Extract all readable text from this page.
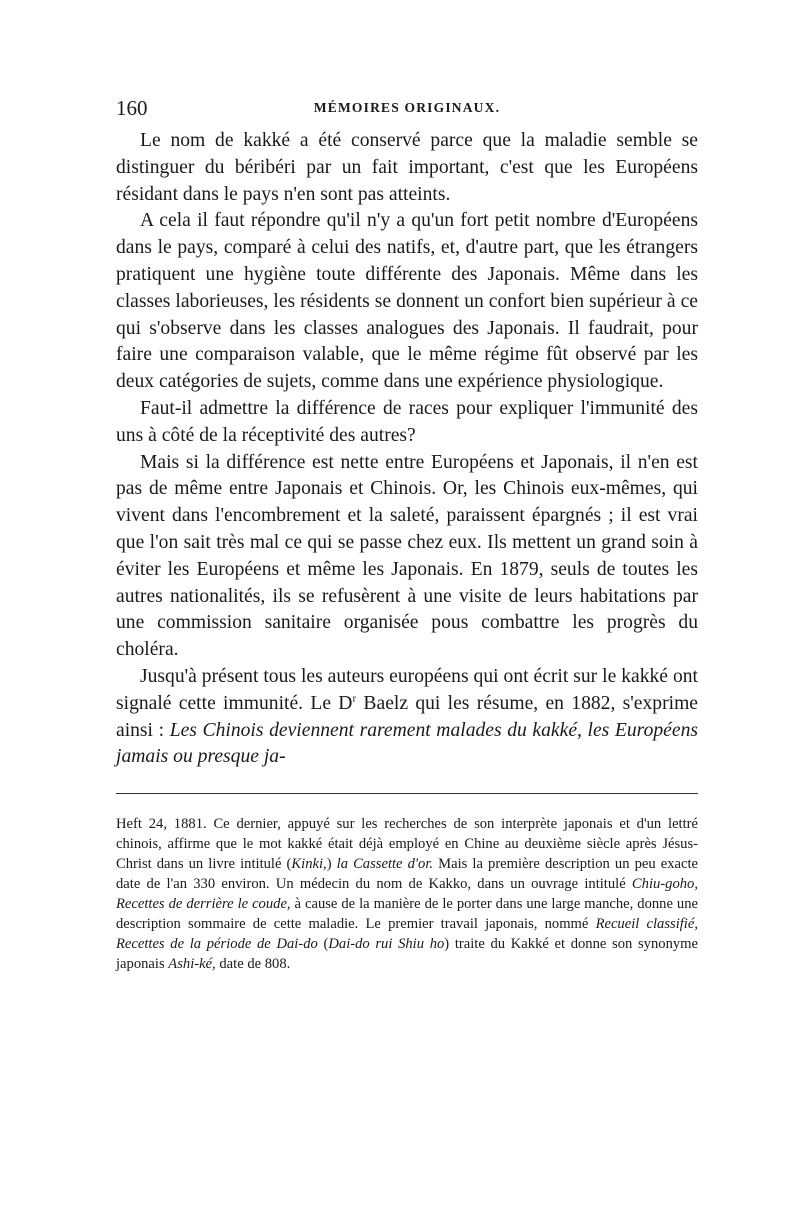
160	MÉMOIRES ORIGINAUX.

Le nom de kakké a été conservé parce que la maladie semble se distinguer du béribéri par un fait important, c'est que les Européens résidant dans le pays n'en sont pas atteints.

A cela il faut répondre qu'il n'y a qu'un fort petit nombre d'Européens dans le pays, comparé à celui des natifs, et, d'autre part, que les étrangers pratiquent une hygiène toute différente des Japonais. Même dans les classes laborieuses, les résidents se donnent un confort bien supérieur à ce qui s'observe dans les classes analogues des Japonais. Il faudrait, pour faire une comparaison valable, que le même régime fût observé par les deux catégories de sujets, comme dans une expérience physiologique.

Faut-il admettre la différence de races pour expliquer l'immunité des uns à côté de la réceptivité des autres?

Mais si la différence est nette entre Européens et Japonais, il n'en est pas de même entre Japonais et Chinois. Or, les Chinois eux-mêmes, qui vivent dans l'encombrement et la saleté, paraissent épargnés ; il est vrai que l'on sait très mal ce qui se passe chez eux. Ils mettent un grand soin à éviter les Européens et même les Japonais. En 1879, seuls de toutes les autres nationalités, ils se refusèrent à une visite de leurs habitations par une commission sanitaire organisée pous combattre les progrès du choléra.

Jusqu'à présent tous les auteurs européens qui ont écrit sur le kakké ont signalé cette immunité. Le $D^r$ Baelz qui les résume, en 1882, s'exprime ainsi : Les Chinois deviennent rarement malades du kakké, les Européens jamais ou presque ja-

Heft 24, 1881. Ce dernier, appuyé sur les recherches de son interprète japonais et d'un lettré chinois, affirme que le mot kakké était déjà employé en Chine au deuxième siècle après Jésus-Christ dans un livre intitulé (Kinki,) la Cassette d'or. Mais la première description un peu exacte date de l'an 330 environ. Un médecin du nom de Kakko, dans un ouvrage intitulé Chiu-goho, Recettes de derrière le coude, à cause de la manière de le porter dans une large manche, donne une description sommaire de cette maladie. Le premier travail japonais, nommé Recueil classifié, Recettes de la période de Dai-do (Dai-do rui Shiu ho) traite du Kakké et donne son synonyme japonais Ashi-ké, date de 808.
